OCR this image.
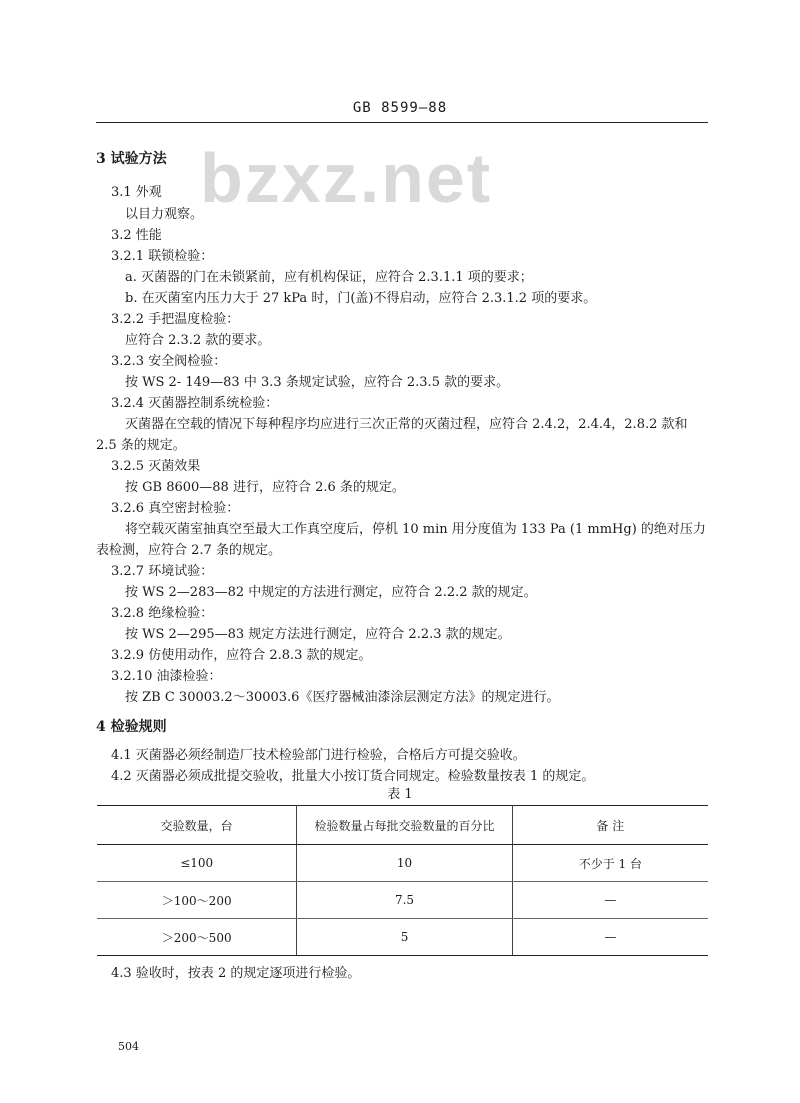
GB 8599—88
bzxz.net
3 试验方法
3.1 外观
以目力观察。
3.2 性能
3.2.1 联锁检验：
a. 灭菌器的门在未锁紧前，应有机构保证，应符合 2.3.1.1 项的要求；
b. 在灭菌室内压力大于 27 kPa 时，门(盖)不得启动，应符合 2.3.1.2 项的要求。
3.2.2 手把温度检验：
应符合 2.3.2 款的要求。
3.2.3 安全阀检验：
按 WS 2- 149—83 中 3.3 条规定试验，应符合 2.3.5 款的要求。
3.2.4 灭菌器控制系统检验：
灭菌器在空载的情况下每种程序均应进行三次正常的灭菌过程，应符合 2.4.2，2.4.4，2.8.2 款和
2.5 条的规定。
3.2.5 灭菌效果
按 GB 8600—88 进行，应符合 2.6 条的规定。
3.2.6 真空密封检验：
将空载灭菌室抽真空至最大工作真空度后，停机 10 min 用分度值为 133 Pa (1 mmHg) 的绝对压力
表检测，应符合 2.7 条的规定。
3.2.7 环境试验：
按 WS 2—283—82 中规定的方法进行测定，应符合 2.2.2 款的规定。
3.2.8 绝缘检验：
按 WS 2—295—83 规定方法进行测定，应符合 2.2.3 款的规定。
3.2.9 仿使用动作，应符合 2.8.3 款的规定。
3.2.10 油漆检验：
按 ZB C 30003.2～30003.6《医疗器械油漆涂层测定方法》的规定进行。
4 检验规则
4.1 灭菌器必须经制造厂技术检验部门进行检验，合格后方可提交验收。
4.2 灭菌器必须成批提交验收，批量大小按订货合同规定。检验数量按表 1 的规定。
表 1
交验数量，台	检验数量占每批交验数量的百分比	备 注
≤100	10	不少于 1 台
＞100～200	7.5	—
＞200～500	5	—
4.3 验收时，按表 2 的规定逐项进行检验。
504
